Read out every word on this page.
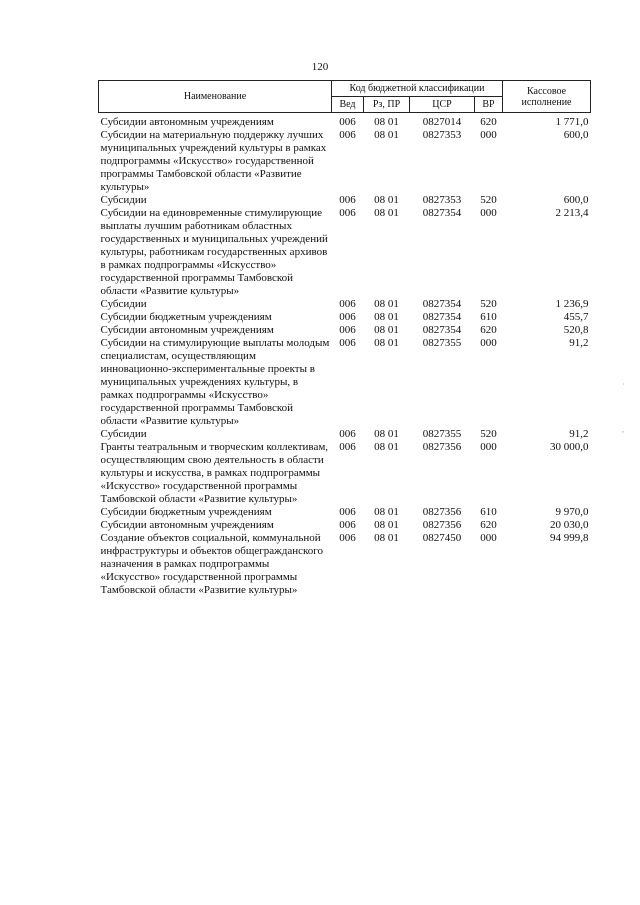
120
Наименование	Код бюджетной классификации				Кассовое исполнение
	Вед	Рз, ПР	ЦСР	ВР	
Субсидии автономным учреждениям	006	08 01	0827014	620	1 771,0
Субсидии на материальную поддержку лучших муниципальных учреждений культуры в рамках подпрограммы «Искусство» государственной программы Тамбовской области «Развитие культуры»	006	08 01	0827353	000	600,0
Субсидии	006	08 01	0827353	520	600,0
Субсидии на единовременные стимулирующие выплаты лучшим работникам областных государственных и муниципальных учреждений культуры, работникам государственных архивов в рамках подпрограммы «Искусство» государственной программы Тамбовской области «Развитие культуры»	006	08 01	0827354	000	2 213,4
Субсидии	006	08 01	0827354	520	1 236,9
Субсидии бюджетным учреждениям	006	08 01	0827354	610	455,7
Субсидии автономным учреждениям	006	08 01	0827354	620	520,8
Субсидии на стимулирующие выплаты молодым специалистам, осуществляющим инновационно-экспериментальные проекты в муниципальных учреждениях культуры, в рамках подпрограммы «Искусство» государственной программы Тамбовской области «Развитие культуры»	006	08 01	0827355	000	91,2
Субсидии	006	08 01	0827355	520	91,2
Гранты театральным и творческим коллективам, осуществляющим свою деятельность в области культуры и искусства, в рамках подпрограммы «Искусство» государственной программы Тамбовской области «Развитие культуры»	006	08 01	0827356	000	30 000,0
Субсидии бюджетным учреждениям	006	08 01	0827356	610	9 970,0
Субсидии автономным учреждениям	006	08 01	0827356	620	20 030,0
Создание объектов социальной, коммунальной инфраструктуры и объектов общегражданского назначения в рамках подпрограммы «Искусство» государственной программы Тамбовской области «Развитие культуры»	006	08 01	0827450	000	94 999,8
·

,
